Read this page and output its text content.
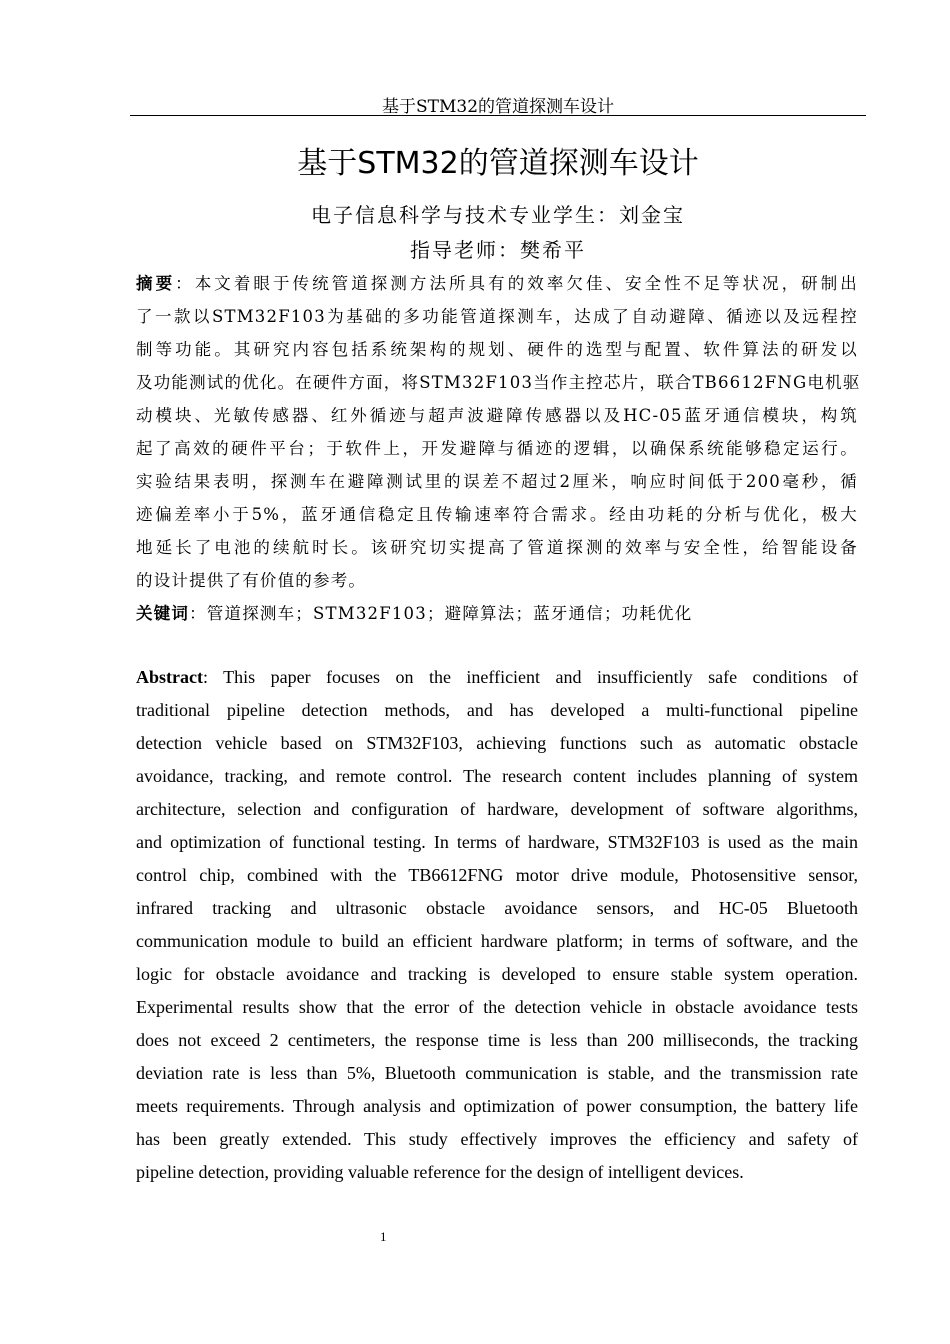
基于STM32的管道探测车设计
基于STM32的管道探测车设计
电子信息科学与技术专业学生：刘金宝
指导老师：樊希平
摘要：本文着眼于传统管道探测方法所具有的效率欠佳、安全性不足等状况，研制出
了一款以STM32F103为基础的多功能管道探测车，达成了自动避障、循迹以及远程控
制等功能。其研究内容包括系统架构的规划、硬件的选型与配置、软件算法的研发以
及功能测试的优化。在硬件方面，将STM32F103当作主控芯片，联合TB6612FNG电机驱
动模块、光敏传感器、红外循迹与超声波避障传感器以及HC-05蓝牙通信模块，构筑
起了高效的硬件平台；于软件上，开发避障与循迹的逻辑，以确保系统能够稳定运行。
实验结果表明，探测车在避障测试里的误差不超过2厘米，响应时间低于200毫秒，循
迹偏差率小于5%，蓝牙通信稳定且传输速率符合需求。经由功耗的分析与优化，极大
地延长了电池的续航时长。该研究切实提高了管道探测的效率与安全性，给智能设备
的设计提供了有价值的参考。
关键词：管道探测车；STM32F103；避障算法；蓝牙通信；功耗优化
Abstract: This paper focuses on the inefficient and insufficiently safe conditions of
traditional pipeline detection methods, and has developed a multi-functional pipeline
detection vehicle based on STM32F103, achieving functions such as automatic obstacle
avoidance, tracking, and remote control. The research content includes planning of system
architecture, selection and configuration of hardware, development of software algorithms,
and optimization of functional testing. In terms of hardware, STM32F103 is used as the main
control chip, combined with the TB6612FNG motor drive module, Photosensitive sensor,
infrared tracking and ultrasonic obstacle avoidance sensors, and HC-05 Bluetooth
communication module to build an efficient hardware platform; in terms of software, and the
logic for obstacle avoidance and tracking is developed to ensure stable system operation.
Experimental results show that the error of the detection vehicle in obstacle avoidance tests
does not exceed 2 centimeters, the response time is less than 200 milliseconds, the tracking
deviation rate is less than 5%, Bluetooth communication is stable, and the transmission rate
meets requirements. Through analysis and optimization of power consumption, the battery life
has been greatly extended. This study effectively improves the efficiency and safety of
pipeline detection, providing valuable reference for the design of intelligent devices.
1
